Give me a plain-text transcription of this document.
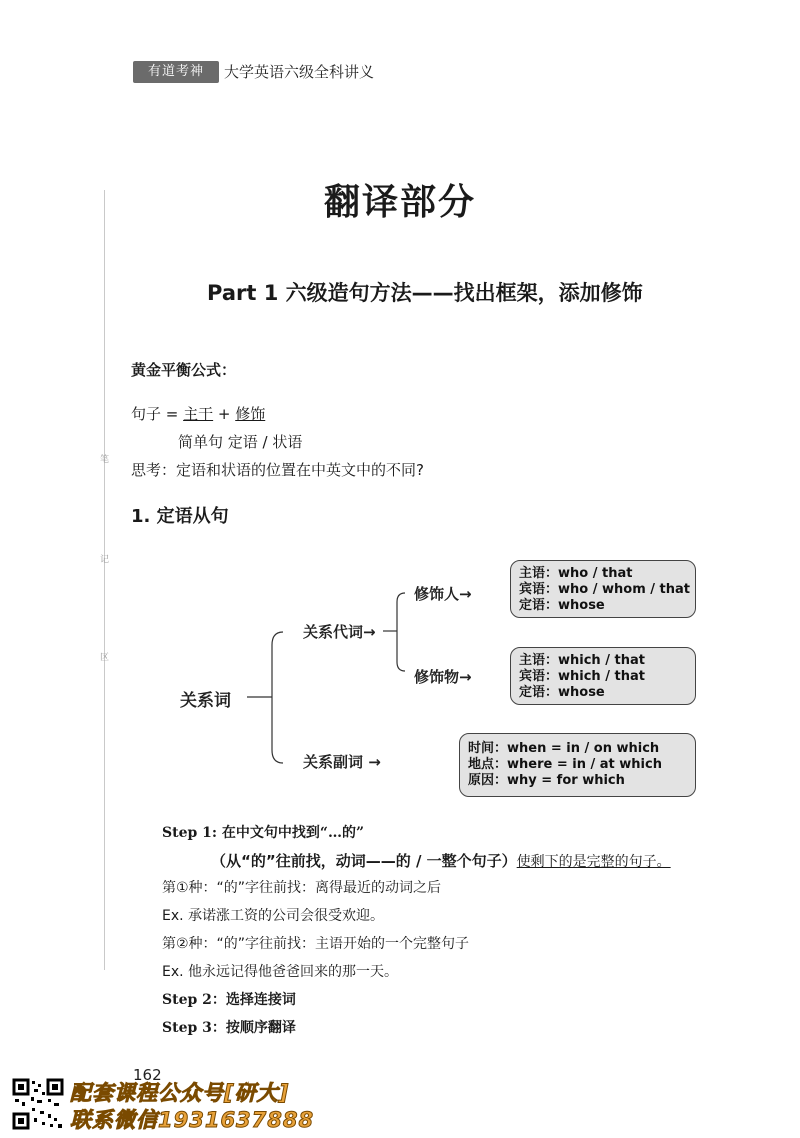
有道考神	大学英语六级全科讲义
笔
记
区
翻译部分
Part 1 六级造句方法——找出框架，添加修饰
黄金平衡公式：
句子 = 主干 + 修饰
简单句 定语 / 状语
思考：定语和状语的位置在中英文中的不同?
1. 定语从句
关系词
关系代词→
关系副词 →
修饰人→
修饰物→
主语：who / that
宾语：who / whom / that
定语：whose
主语：which / that
宾语：which / that
定语：whose
时间：when = in / on which
地点：where = in / at which
原因：why = for which
Step 1: 在中文句中找到“…的”
（从“的”往前找，动词——的 / 一整个句子）使剩下的是完整的句子。
第①种：“的”字往前找：离得最近的动词之后
Ex. 承诺涨工资的公司会很受欢迎。
第②种：“的”字往前找：主语开始的一个完整句子
Ex. 他永远记得他爸爸回来的那一天。
Step 2：选择连接词
Step 3：按顺序翻译
162
配套课程公众号[研大]
联系微信1931637888
